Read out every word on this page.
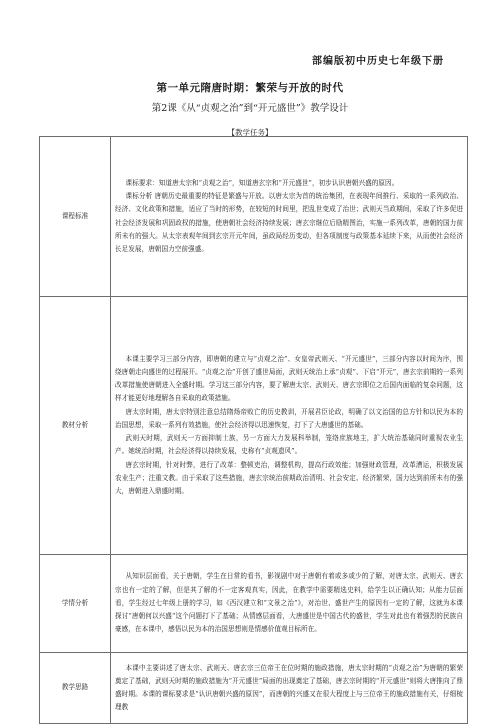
部编版初中历史七年级下册
第一单元隋唐时期：繁荣与开放的时代
第2课《从“贞观之治”到“开元盛世”》教学设计
【教学任务】
课程标准	课标要求：知道唐太宗和“贞观之治”，知道唐玄宗和“开元盛世”，初步认识唐朝兴盛的原因。

课标分析 唐朝历史最重要的特征是繁盛与开放。以唐太宗为首的统治集团，在表现年间推行、采取的一系列政治、经济、文化政策和措施，适应了当时的形势，在较短的时间里，把乱世变成了治世；武则天当政期间，采取了许多促进社会经济发展和巩固政权的措施，使唐朝社会经济持续发展；唐玄宗继位后励精图治，实施一系列改革，唐朝的国力前所未有的强大。从太宗表观年间到玄宗开元年间，虽政局经历变动，但各项制度与政策基本延续下来，从而使社会经济长足发展，唐朝国力空前强盛。

教材分析	本课主要学习三部分内容，即唐朝的建立与“贞观之治”、女皇帝武则天、“开元盛世”，三部分内容以时间为序，围绕唐朝走向盛世的过程展开。“贞观之治”开创了盛世局面，武则天统治上承“贞观”、下启“开元”，唐玄宗前期的一系列改革措施使唐朝进入全盛时期。学习这三部分内容，要了解唐太宗、武则天、唐玄宗即位之后国内面临的复杂问题，这样才能更好地理解各自采取的政策措施。

唐太宗时期，唐太宗特别注意总结隋炀帝败亡的历史教训，开展君臣论政，明确了以文治国的总方针和以民为本的治国思想，采取一系列有效措施，使社会经济得以迅速恢复，打下了大唐盛世的基础。

武则天时期，武则天一方面抑制士族，另一方面大力发展科举制，笼络庶族地主，扩大统治基础同时重视农业生产。她统治时期，社会经济得以持续发展，史称有“贞观遗风”。

唐玄宗时期，针对时弊，进行了改革：整顿吏治，调整机构，提高行政效能；加强财政管理，改革漕运，积极发展农业生产；注重文教。由于采取了这些措施，唐玄宗统治前期政治清明、社会安定、经济繁荣，国力达到前所未有的强大，唐朝进入鼎盛时期。

学情分析	从知识层面看，关于唐朝，学生在日常的看书，影视剧中对于唐朝有着或多或少的了解，对唐太宗、武则天、唐玄宗也有一定的了解，但是其了解的不一定客观真实，因此，在教学中需要精选史料，给学生以正确认知；从能力层面看，学生经过七年级上册的学习，如《西汉建立和“文景之治”》，对治世、盛世产生的原因有一定的了解，这就为本课探讨“唐朝何以兴盛“这个问题打下了基础；从情感层面看，大唐盛世是中国古代的盛世，学生对此也有着强烈的民族自豪感，在本课中，感悟以民为本的治国思想则是情感价值观目标所在。

教学思路	本课中主要讲述了唐太宗、武则天、唐玄宗三位帝王在位时期的施政措施，唐太宗时期的“贞观之治”为唐朝的繁荣奠定了基础，武则天时期的施政措施为“开元盛世”局面的出现奠定了基础，唐玄宗时期的“开元盛世”则将大唐推向了鼎盛时期。本课的课标要求是“认识唐朝兴盛的原因”，而唐朝的兴盛又在很大程度上与三位帝王的施政措施有关，仔细梳理教
